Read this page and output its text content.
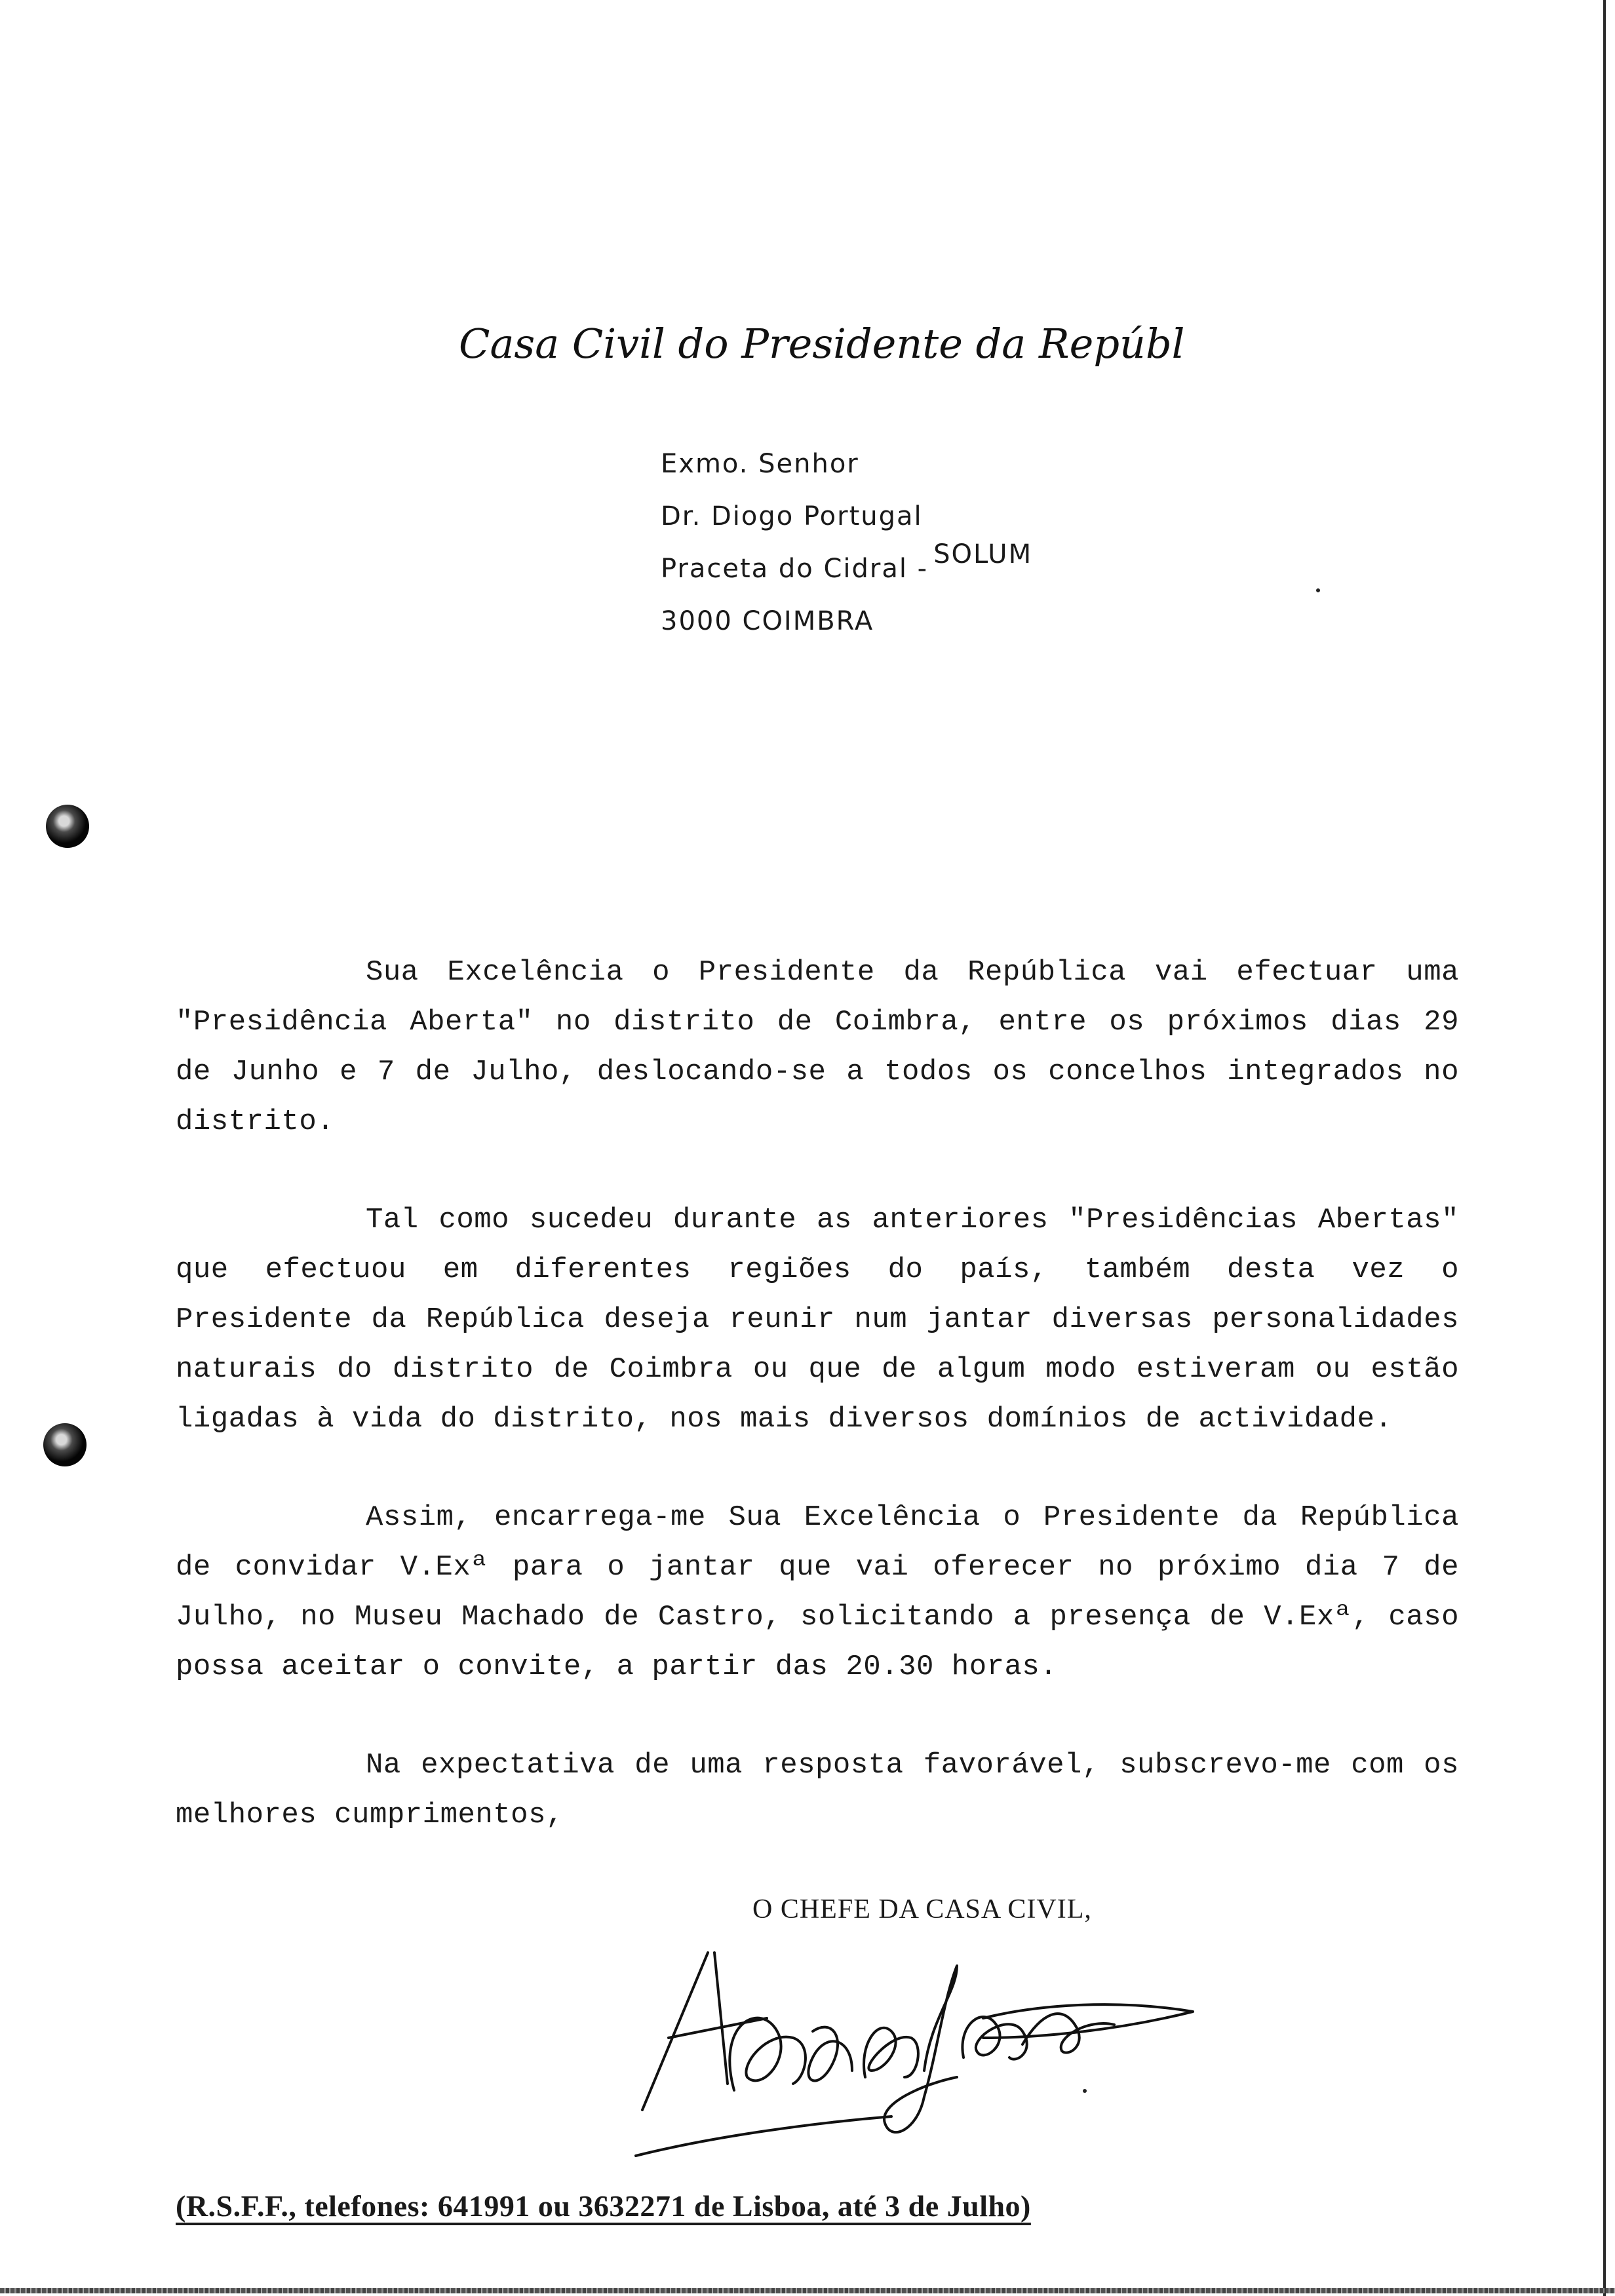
Casa Civil do Presidente da República
Exmo. Senhor
Dr. Diogo Portugal
Praceta do Cidral - SOLUM
3000 COIMBRA

Sua Excelência o Presidente da República vai efectuar uma "Presidência Aberta" no distrito de Coimbra, entre os próximos dias 29 de Junho e 7 de Julho, deslocando-se a todos os concelhos integrados no distrito.

Tal como sucedeu durante as anteriores "Presidências Abertas" que efectuou em diferentes regiões do país, também desta vez o Presidente da República deseja reunir num jantar diversas personalidades naturais do distrito de Coimbra ou que de algum modo estiveram ou estão ligadas à vida do distrito, nos mais diversos domínios de actividade.

Assim, encarrega-me Sua Excelência o Presidente da República de convidar V.Exª para o jantar que vai oferecer no próximo dia 7 de Julho, no Museu Machado de Castro, solicitando a presença de V.Exª, caso possa aceitar o convite, a partir das 20.30 horas.

Na expectativa de uma resposta favorável, subscrevo-me com os melhores cumprimentos,

O CHEFE DA CASA CIVIL,
(R.S.F.F., telefones: 641991 ou 3632271 de Lisboa, até 3 de Julho)
